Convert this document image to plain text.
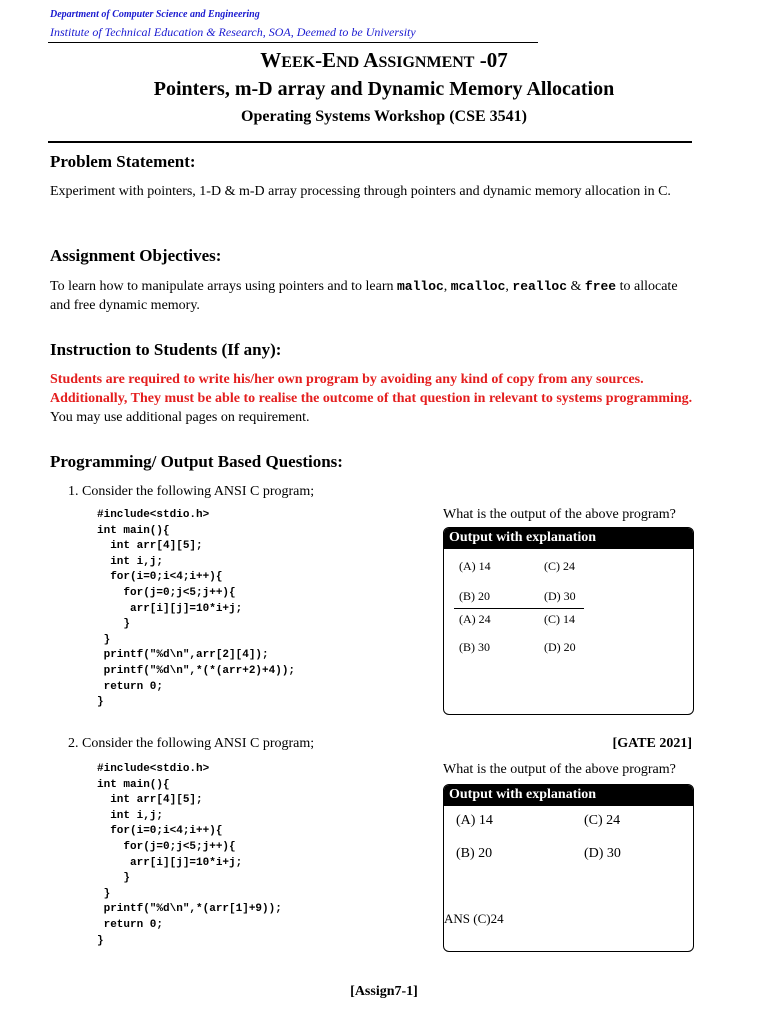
Department of Computer Science and Engineering
Institute of Technical Education & Research, SOA, Deemed to be University
WEEK-END ASSIGNMENT -07
Pointers, m-D array and Dynamic Memory Allocation
Operating Systems Workshop (CSE 3541)
Problem Statement:

Experiment with pointers, 1-D & m-D array processing through pointers and dynamic memory allocation in C.

Assignment Objectives:

To learn how to manipulate arrays using pointers and to learn malloc, mcalloc, realloc & free to allocate and free dynamic memory.

Instruction to Students (If any):

Students are required to write his/her own program by avoiding any kind of copy from any sources. Additionally, They must be able to realise the outcome of that question in relevant to systems programming. You may use additional pages on requirement.

Programming/ Output Based Questions:
1. Consider the following ANSI C program;
#include<stdio.h>
int main(){
int arr[4][5];
int i,j;
for(i=0;i<4;i++){
for(j=0;j<5;j++){
arr[i][j]=10*i+j;
}
}
printf("%d\n",arr[2][4]);
printf("%d\n",*(*(arr+2)+4));
return 0;
}
What is the output of the above program?
Output with explanation
(A) 14	(C) 24
(B) 20	(D) 30
(A) 24	(C) 14
(B) 30	(D) 20
2. Consider the following ANSI C program;	[GATE 2021]
#include<stdio.h>
int main(){
int arr[4][5];
int i,j;
for(i=0;i<4;i++){
for(j=0;j<5;j++){
arr[i][j]=10*i+j;
}
}
printf("%d\n",*(arr[1]+9));
return 0;
}
What is the output of the above program?
Output with explanation
(A) 14	(C) 24
(B) 20	(D) 30
ANS (C)24
[Assign7-1]
